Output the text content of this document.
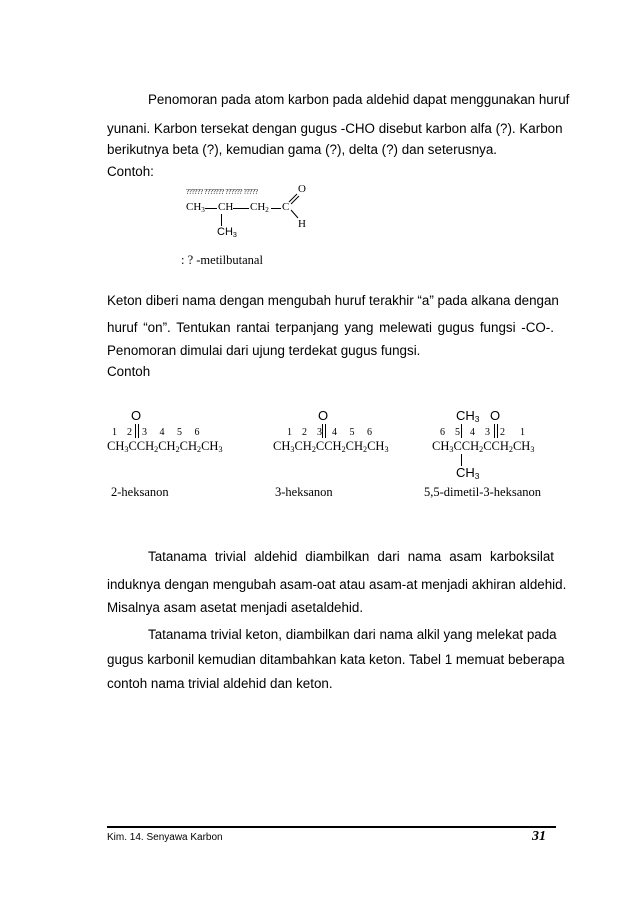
Penomoran pada atom karbon pada aldehid dapat menggunakan huruf
yunani. Karbon tersekat dengan gugus -CHO disebut karbon alfa (?). Karbon
berikutnya beta (?), kemudian gama (?), delta (?) dan seterusnya.
Contoh:
?????? ??????? ?????? ?????
$CH_3$ CH $CH_2$ C
O
H
$CH_3$
: ? -metilbutanal
Keton diberi nama dengan mengubah huruf terakhir “a” pada alkana dengan
huruf “on”. Tentukan rantai terpanjang yang melewati gugus fungsi -CO-.
Penomoran dimulai dari ujung terdekat gugus fungsi.
Contoh
O
1    2    3     4     5     6
$CH_3CCH_2CH_2CH_2CH_3$
2-heksanon
O
1    2    3    4     5     6
$CH_3CH_2CCH_2CH_2CH_3$
3-heksanon
$CH_3$ O
6    5    4    3    2      1
$CH_3CCH_2CCH_2CH_3$
$CH_3$
5,5-dimetil-3-heksanon
Tatanama trivial aldehid diambilkan dari nama asam karboksilat
induknya dengan mengubah asam-oat atau asam-at menjadi akhiran aldehid.
Misalnya asam asetat menjadi asetaldehid.
Tatanama trivial keton, diambilkan dari nama alkil yang melekat pada
gugus karbonil kemudian ditambahkan kata keton. Tabel 1 memuat beberapa
contoh nama trivial aldehid dan keton.
Kim. 14. Senyawa Karbon	31
